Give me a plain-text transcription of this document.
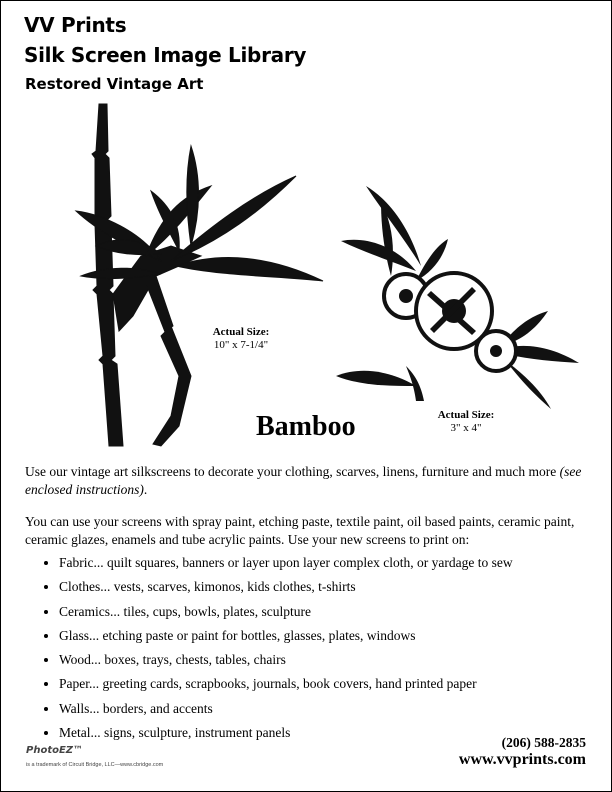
VV Prints
Silk Screen Image Library
Restored Vintage Art
Actual Size:
10" x 7-1/4"
Actual Size:
3" x 4"
Bamboo
Use our vintage art silkscreens to decorate your clothing, scarves, linens, furniture and much more (see enclosed instructions).
You can use your screens with spray paint, etching paste, textile paint, oil based paints, ceramic paint, ceramic glazes, enamels and tube acrylic paints. Use your new screens to print on:
• Fabric... quilt squares, banners or layer upon layer complex cloth, or yardage to sew
• Clothes... vests, scarves, kimonos, kids clothes, t-shirts
• Ceramics... tiles, cups, bowls, plates, sculpture
• Glass... etching paste or paint for bottles, glasses, plates, windows
• Wood... boxes, trays, chests, tables, chairs
• Paper... greeting cards, scrapbooks, journals, book covers, hand printed paper
• Walls... borders, and accents
• Metal... signs, sculpture, instrument panels
PhotoEZ™
is a trademark of Circuit Bridge, LLC—www.cbridge.com
(206) 588-2835
www.vvprints.com
